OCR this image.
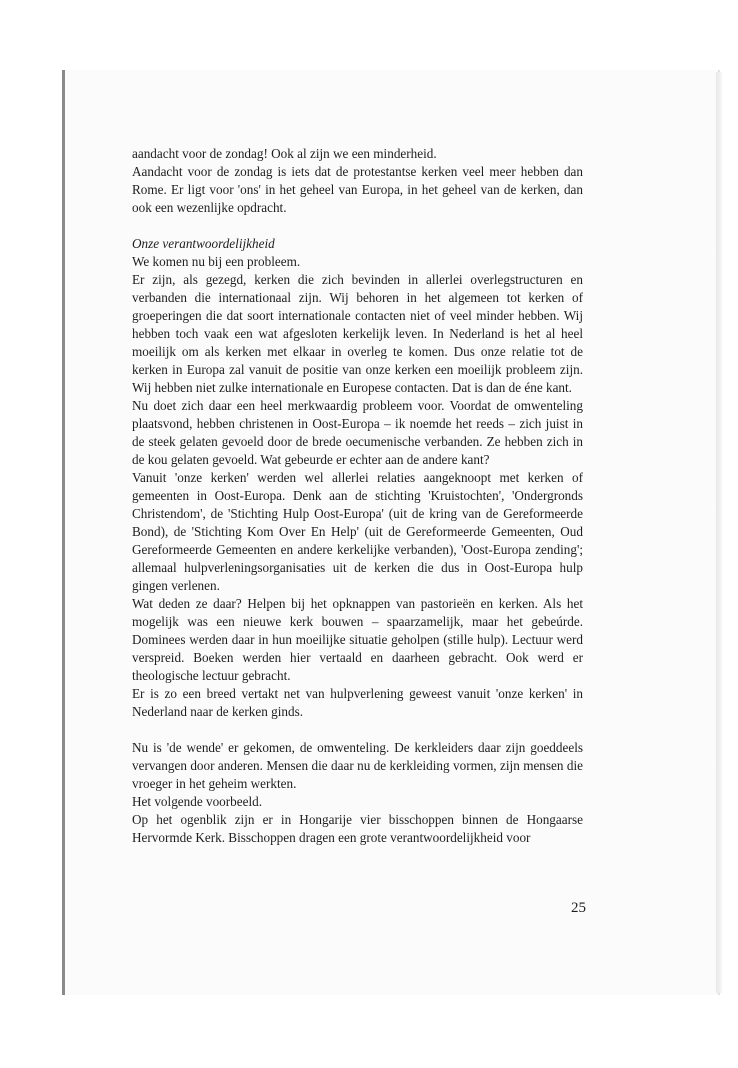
aandacht voor de zondag! Ook al zijn we een minderheid.

Aandacht voor de zondag is iets dat de protestantse kerken veel meer hebben dan Rome. Er ligt voor 'ons' in het geheel van Europa, in het geheel van de kerken, dan ook een wezenlijke opdracht.

Onze verantwoordelijkheid

We komen nu bij een probleem.

Er zijn, als gezegd, kerken die zich bevinden in allerlei overlegstructuren en verbanden die internationaal zijn. Wij behoren in het algemeen tot kerken of groeperingen die dat soort internationale contacten niet of veel minder hebben. Wij hebben toch vaak een wat afgesloten kerkelijk leven. In Nederland is het al heel moeilijk om als kerken met elkaar in overleg te komen. Dus onze relatie tot de kerken in Europa zal vanuit de positie van onze kerken een moeilijk probleem zijn. Wij hebben niet zulke internationale en Europese contacten. Dat is dan de éne kant.

Nu doet zich daar een heel merkwaardig probleem voor. Voordat de omwenteling plaatsvond, hebben christenen in Oost-Europa – ik noemde het reeds – zich juist in de steek gelaten gevoeld door de brede oecumenische verbanden. Ze hebben zich in de kou gelaten gevoeld. Wat gebeurde er echter aan de andere kant?

Vanuit 'onze kerken' werden wel allerlei relaties aangeknoopt met kerken of gemeenten in Oost-Europa. Denk aan de stichting 'Kruistochten', 'Ondergronds Christendom', de 'Stichting Hulp Oost-Europa' (uit de kring van de Gereformeerde Bond), de 'Stichting Kom Over En Help' (uit de Gereformeerde Gemeenten, Oud Gereformeerde Gemeenten en andere kerkelijke verbanden), 'Oost-Europa zending'; allemaal hulpverleningsorganisaties uit de kerken die dus in Oost-Europa hulp gingen verlenen.

Wat deden ze daar? Helpen bij het opknappen van pastorieën en kerken. Als het mogelijk was een nieuwe kerk bouwen – spaarzamelijk, maar het gebeúrde. Dominees werden daar in hun moeilijke situatie geholpen (stille hulp). Lectuur werd verspreid. Boeken werden hier vertaald en daarheen gebracht. Ook werd er theologische lectuur gebracht.

Er is zo een breed vertakt net van hulpverlening geweest vanuit 'onze kerken' in Nederland naar de kerken ginds.

Nu is 'de wende' er gekomen, de omwenteling. De kerkleiders daar zijn goeddeels vervangen door anderen. Mensen die daar nu de kerkleiding vormen, zijn mensen die vroeger in het geheim werkten.

Het volgende voorbeeld.

Op het ogenblik zijn er in Hongarije vier bisschoppen binnen de Hongaarse Hervormde Kerk. Bisschoppen dragen een grote verantwoordelijkheid voor

25
